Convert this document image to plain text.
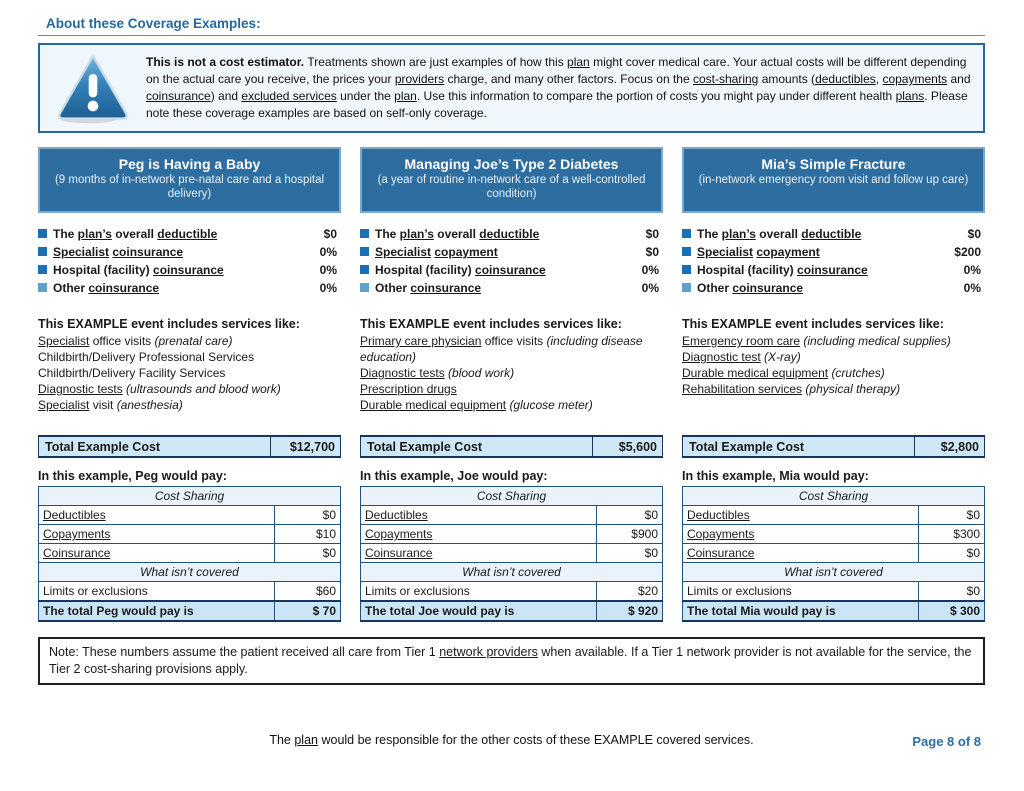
About these Coverage Examples:
This is not a cost estimator. Treatments shown are just examples of how this plan might cover medical care. Your actual costs will be different depending on the actual care you receive, the prices your providers charge, and many other factors. Focus on the cost-sharing amounts (deductibles, copayments and coinsurance) and excluded services under the plan. Use this information to compare the portion of costs you might pay under different health plans. Please note these coverage examples are based on self-only coverage.
Peg is Having a Baby
(9 months of in-network pre-natal care and a hospital delivery)
The plan’s overall deductible	$0
Specialist coinsurance	0%
Hospital (facility) coinsurance	0%
Other coinsurance	0%
This EXAMPLE event includes services like:
Specialist office visits (prenatal care)
Childbirth/Delivery Professional Services
Childbirth/Delivery Facility Services
Diagnostic tests (ultrasounds and blood work)
Specialist visit (anesthesia)
Total Example Cost	$12,700
In this example, Peg would pay:
Cost Sharing	
Deductibles	$0
Copayments	$10
Coinsurance	$0
What isn’t covered	
Limits or exclusions	$60
The total Peg would pay is	$ 70
Managing Joe’s Type 2 Diabetes
(a year of routine in-network care of a well-controlled condition)
The plan’s overall deductible	$0
Specialist copayment	$0
Hospital (facility) coinsurance	0%
Other coinsurance	0%
This EXAMPLE event includes services like:
Primary care physician office visits (including disease education)
Diagnostic tests (blood work)
Prescription drugs
Durable medical equipment (glucose meter)
Total Example Cost	$5,600
In this example, Joe would pay:
Cost Sharing	
Deductibles	$0
Copayments	$900
Coinsurance	$0
What isn’t covered	
Limits or exclusions	$20
The total Joe would pay is	$ 920
Mia’s Simple Fracture
(in-network emergency room visit and follow up care)
The plan’s overall deductible	$0
Specialist copayment	$200
Hospital (facility) coinsurance	0%
Other coinsurance	0%
This EXAMPLE event includes services like:
Emergency room care (including medical supplies)
Diagnostic test (X-ray)
Durable medical equipment (crutches)
Rehabilitation services (physical therapy)
Total Example Cost	$2,800
In this example, Mia would pay:
Cost Sharing	
Deductibles	$0
Copayments	$300
Coinsurance	$0
What isn’t covered	
Limits or exclusions	$0
The total Mia would pay is	$ 300
Note: These numbers assume the patient received all care from Tier 1 network providers when available. If a Tier 1 network provider is not available for the service, the Tier 2 cost-sharing provisions apply.
The plan would be responsible for the other costs of these EXAMPLE covered services.	Page 8 of 8
